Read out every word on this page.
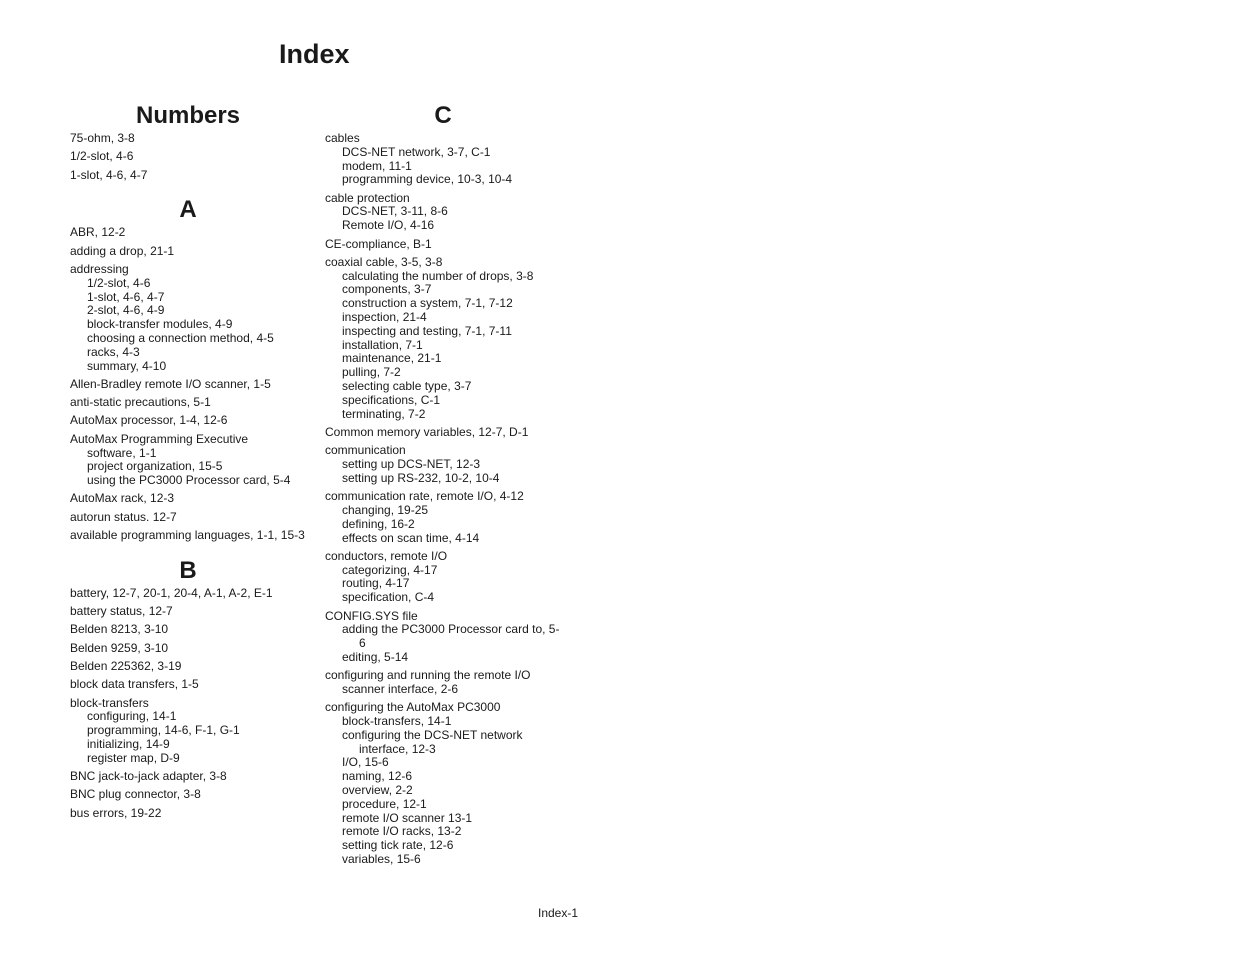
Index
Numbers
75-ohm, 3-8
1/2-slot, 4-6
1-slot, 4-6, 4-7
A
ABR, 12-2
adding a drop, 21-1
addressing
1/2-slot, 4-6
1-slot, 4-6, 4-7
2-slot, 4-6, 4-9
block-transfer modules, 4-9
choosing a connection method, 4-5
racks, 4-3
summary, 4-10
Allen-Bradley remote I/O scanner, 1-5
anti-static precautions, 5-1
AutoMax processor, 1-4, 12-6
AutoMax Programming Executive
software, 1-1
project organization, 15-5
using the PC3000 Processor card, 5-4
AutoMax rack, 12-3
autorun status. 12-7
available programming languages, 1-1, 15-3
B
battery, 12-7, 20-1, 20-4, A-1, A-2, E-1
battery status, 12-7
Belden 8213, 3-10
Belden 9259, 3-10
Belden 225362, 3-19
block data transfers, 1-5
block-transfers
configuring, 14-1
programming, 14-6, F-1, G-1
initializing, 14-9
register map, D-9
BNC jack-to-jack adapter, 3-8
BNC plug connector, 3-8
bus errors, 19-22
C
cables
DCS-NET network, 3-7, C-1
modem, 11-1
programming device, 10-3, 10-4
cable protection
DCS-NET, 3-11, 8-6
Remote I/O, 4-16
CE-compliance, B-1
coaxial cable, 3-5, 3-8
calculating the number of drops, 3-8
components, 3-7
construction a system, 7-1, 7-12
inspection, 21-4
inspecting and testing, 7-1, 7-11
installation, 7-1
maintenance, 21-1
pulling, 7-2
selecting cable type, 3-7
specifications, C-1
terminating, 7-2
Common memory variables, 12-7, D-1
communication
setting up DCS-NET, 12-3
setting up RS-232, 10-2, 10-4
communication rate, remote I/O, 4-12
changing, 19-25
defining, 16-2
effects on scan time, 4-14
conductors, remote I/O
categorizing, 4-17
routing, 4-17
specification, C-4
CONFIG.SYS file
adding the PC3000 Processor card to, 5-6
editing, 5-14
configuring and running the remote I/O scanner interface, 2-6
configuring the AutoMax PC3000
block-transfers, 14-1
configuring the DCS-NET network interface, 12-3
I/O, 15-6
naming, 12-6
overview, 2-2
procedure, 12-1
remote I/O scanner 13-1
remote I/O racks, 13-2
setting tick rate, 12-6
variables, 15-6
Index-1
